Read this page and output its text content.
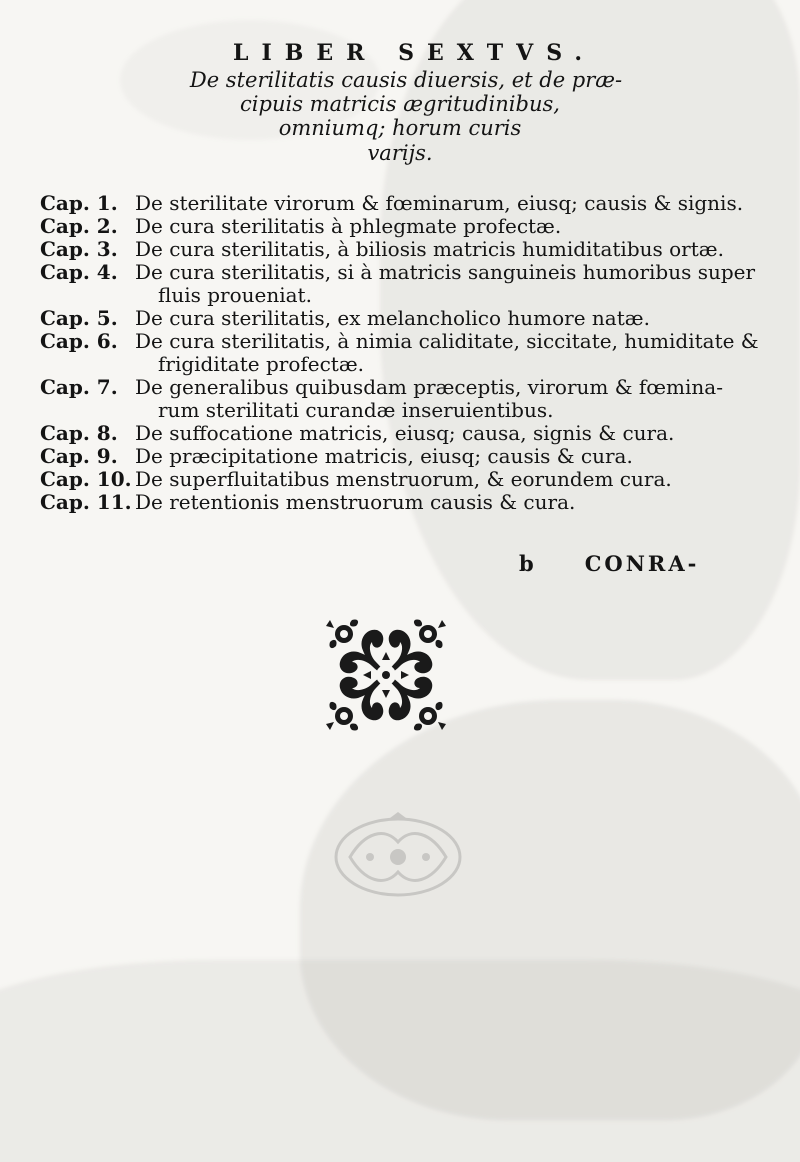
LIBER SEXTVS.
De sterilitatis causis diuersis, et de præ-
cipuis matricis ægritudinibus,
omniumq; horum curis
varijs.
Cap. 1. De sterilitate virorum & fœminarum, eiusq; causis & signis.
Cap. 2. De cura sterilitatis à phlegmate profectæ.
Cap. 3. De cura sterilitatis, à biliosis matricis humiditatibus ortæ.
Cap. 4. De cura sterilitatis, si à matricis sanguineis humoribus super
fluis proueniat.
Cap. 5. De cura sterilitatis, ex melancholico humore natæ.
Cap. 6. De cura sterilitatis, à nimia caliditate, siccitate, humiditate &
frigiditate profectæ.
Cap. 7. De generalibus quibusdam præceptis, virorum & fœmina-
rum sterilitati curandæ inseruientibus.
Cap. 8. De suffocatione matricis, eiusq; causa, signis & cura.
Cap. 9. De præcipitatione matricis, eiusq; causis & cura.
Cap. 10. De superfluitatibus menstruorum, & eorundem cura.
Cap. 11. De retentionis menstruorum causis & cura.
b CONRA-
